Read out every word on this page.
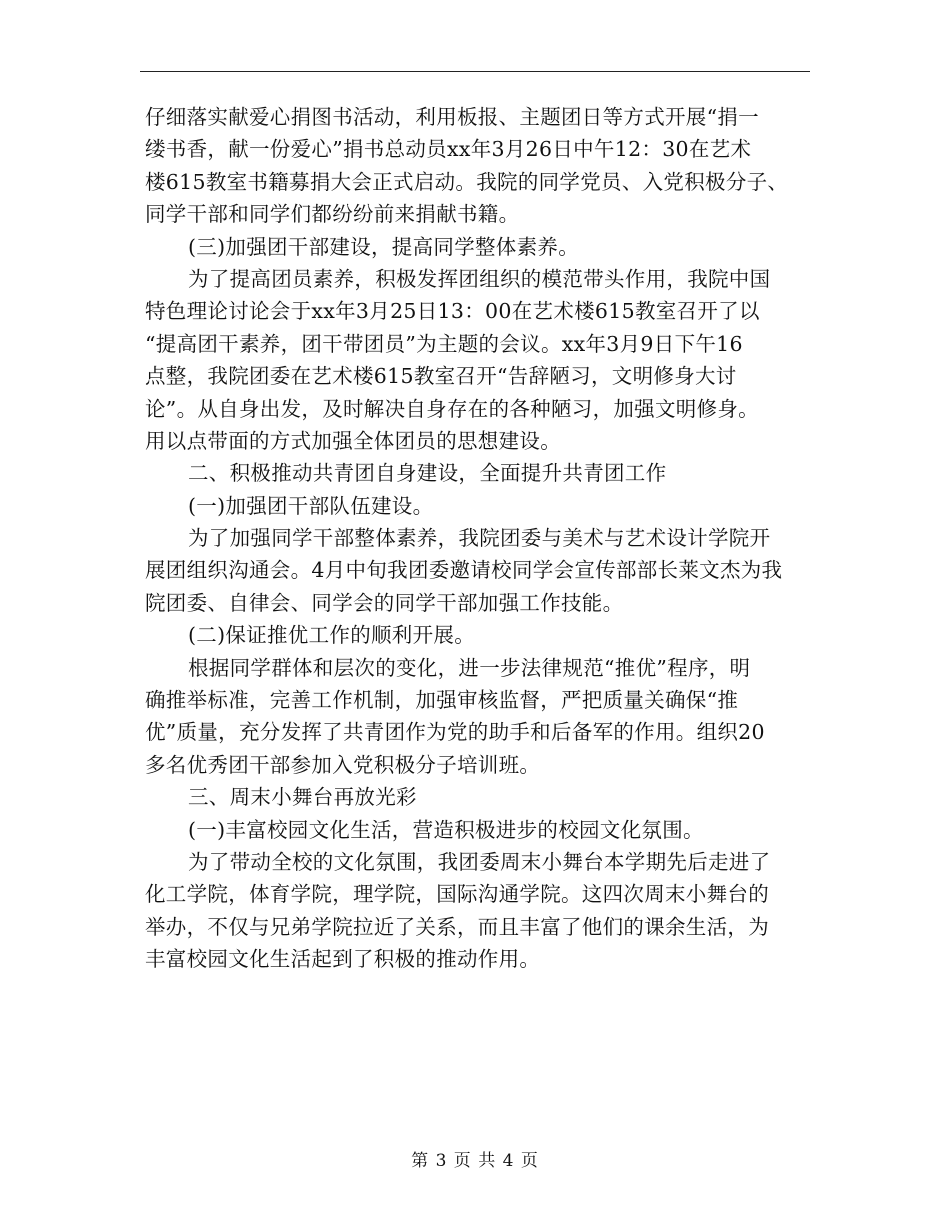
仔细落实献爱心捐图书活动，利用板报、主题团日等方式开展“捐一
缕书香，献一份爱心”捐书总动员xx年3月26日中午12：30在艺术
楼615教室书籍募捐大会正式启动。我院的同学党员、入党积极分子、
同学干部和同学们都纷纷前来捐献书籍。
(三)加强团干部建设，提高同学整体素养。
为了提高团员素养，积极发挥团组织的模范带头作用，我院中国
特色理论讨论会于xx年3月25日13：00在艺术楼615教室召开了以
“提高团干素养，团干带团员”为主题的会议。xx年3月9日下午16
点整，我院团委在艺术楼615教室召开“告辞陋习，文明修身大讨
论”。从自身出发，及时解决自身存在的各种陋习，加强文明修身。
用以点带面的方式加强全体团员的思想建设。
二、积极推动共青团自身建设，全面提升共青团工作
(一)加强团干部队伍建设。
为了加强同学干部整体素养，我院团委与美术与艺术设计学院开
展团组织沟通会。4月中旬我团委邀请校同学会宣传部部长莱文杰为我
院团委、自律会、同学会的同学干部加强工作技能。
(二)保证推优工作的顺利开展。
根据同学群体和层次的变化，进一步法律规范“推优”程序，明
确推举标准，完善工作机制，加强审核监督，严把质量关确保“推
优”质量，充分发挥了共青团作为党的助手和后备军的作用。组织20
多名优秀团干部参加入党积极分子培训班。
三、周末小舞台再放光彩
(一)丰富校园文化生活，营造积极进步的校园文化氛围。
为了带动全校的文化氛围，我团委周末小舞台本学期先后走进了
化工学院，体育学院，理学院，国际沟通学院。这四次周末小舞台的
举办，不仅与兄弟学院拉近了关系，而且丰富了他们的课余生活，为
丰富校园文化生活起到了积极的推动作用。
第 3 页 共 4 页
